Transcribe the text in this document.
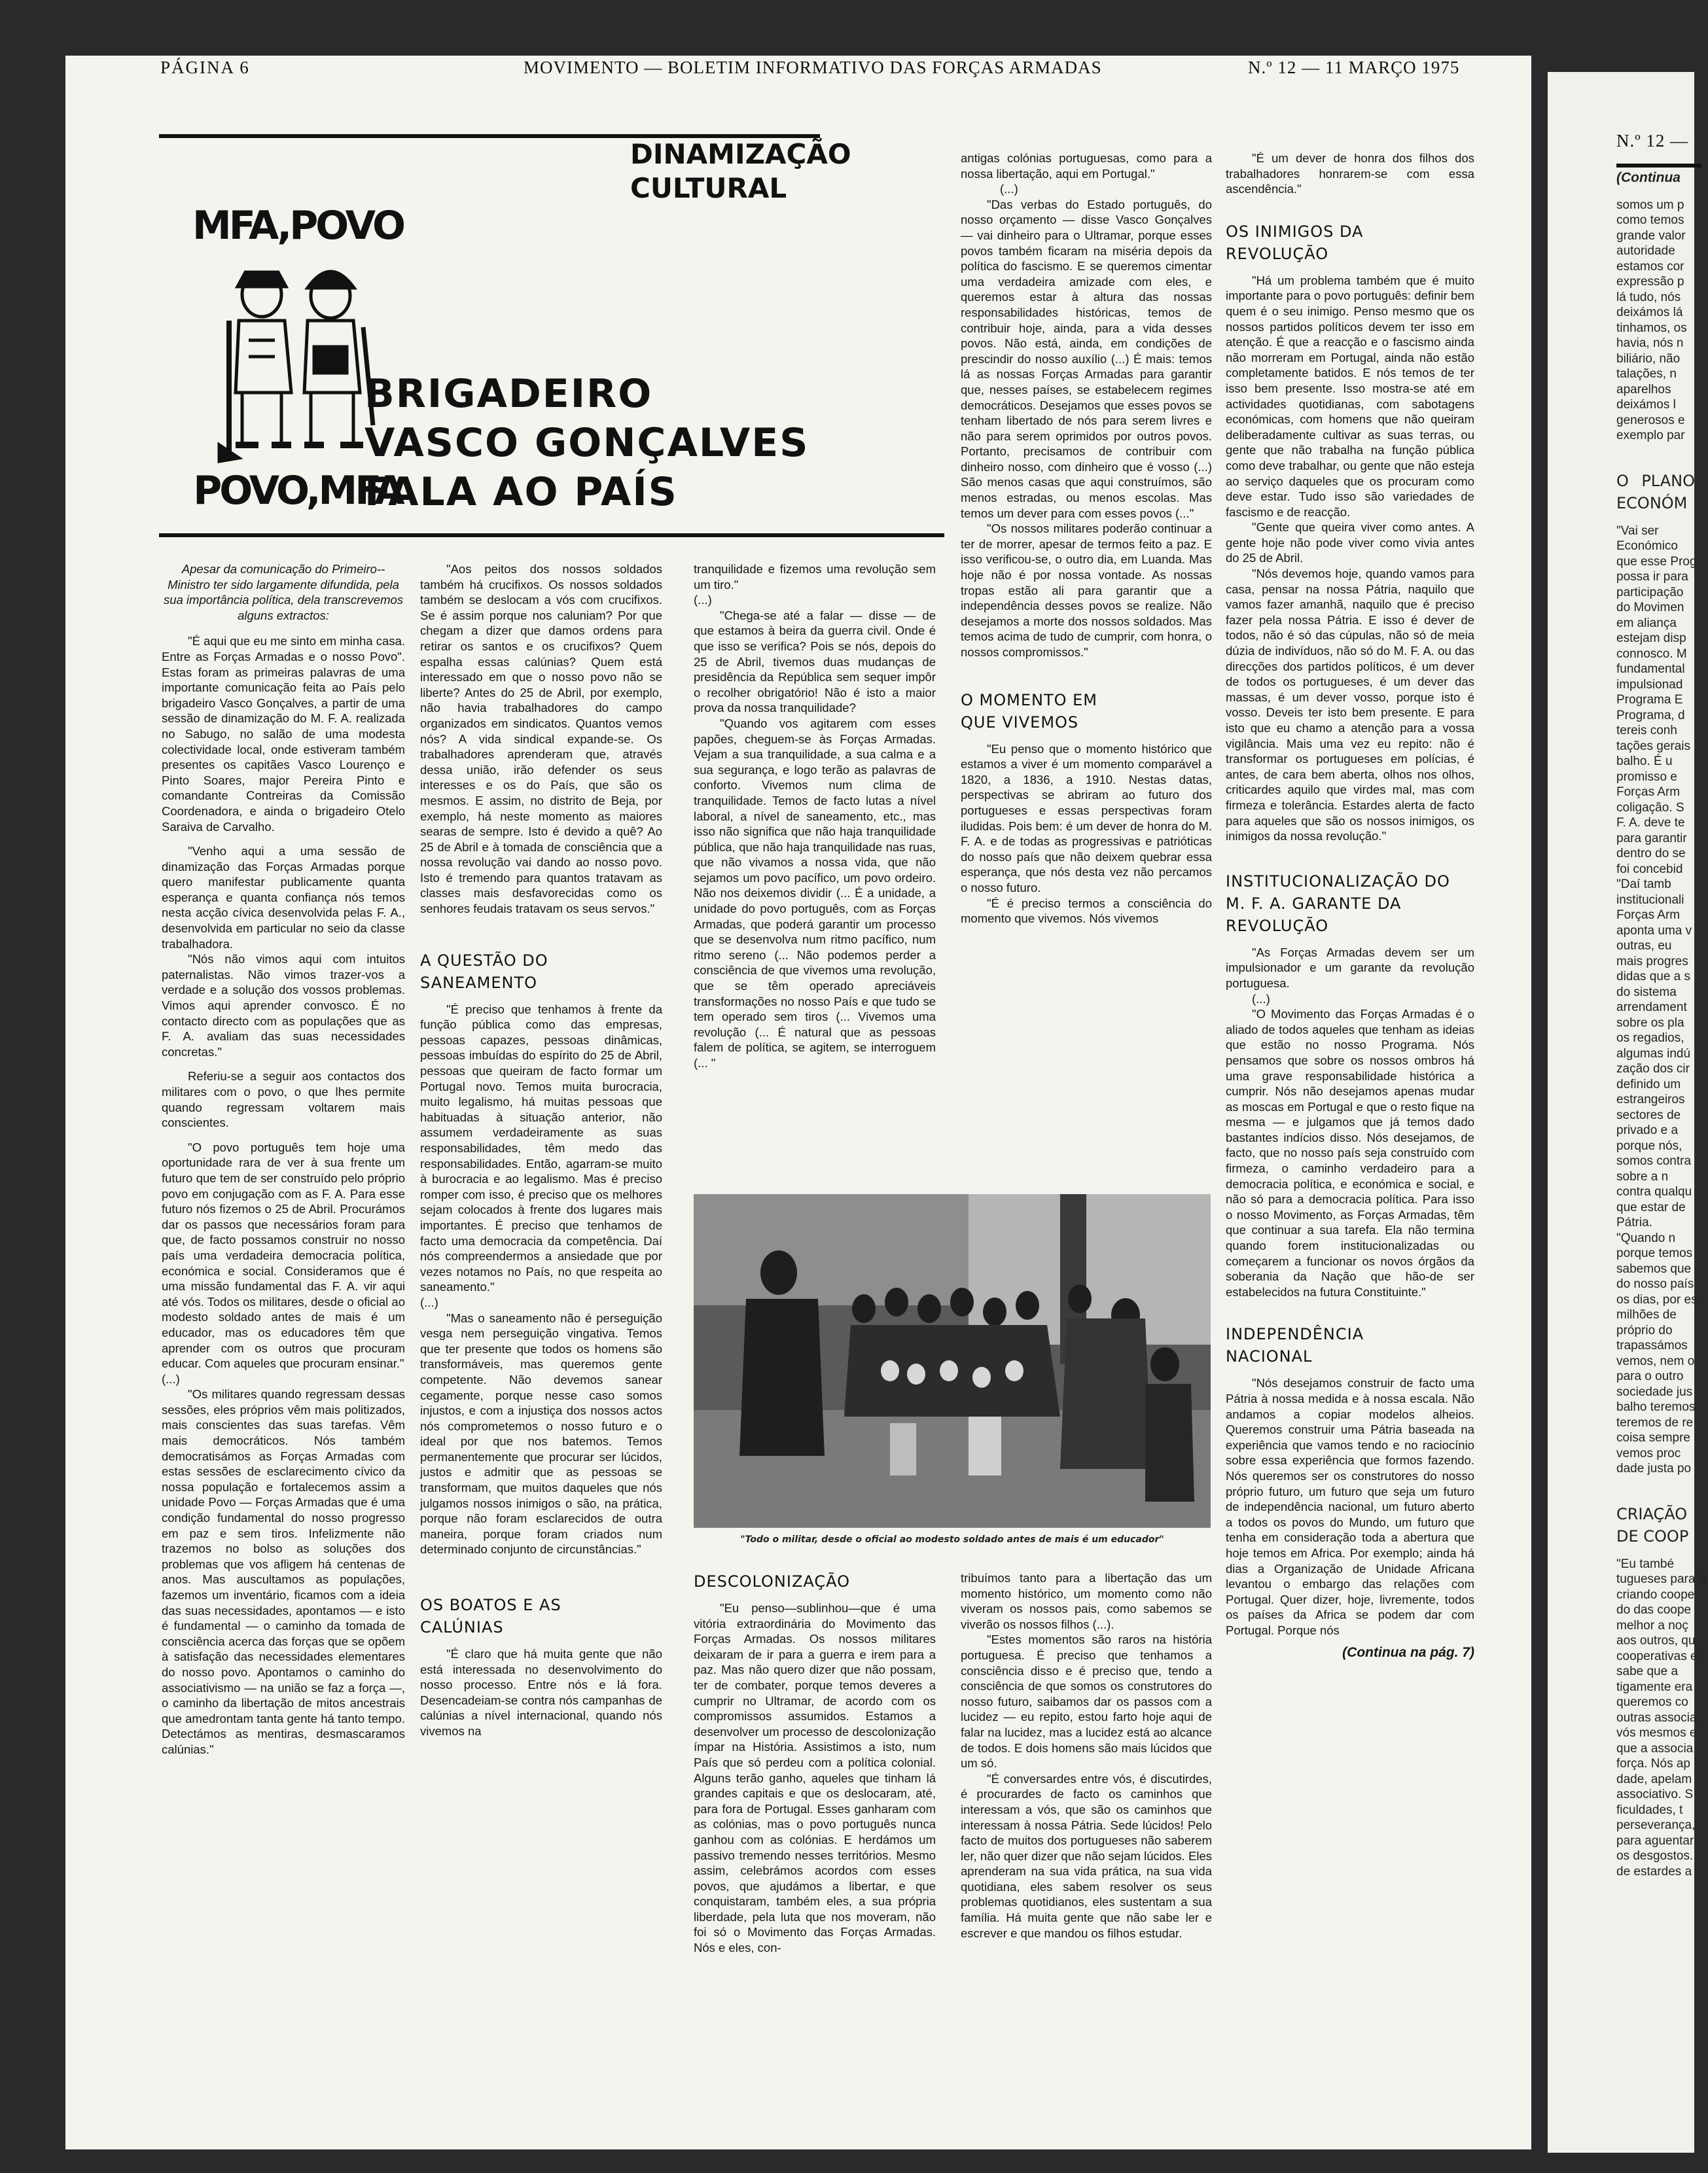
PÁGINA 6	MOVIMENTO — BOLETIM INFORMATIVO DAS FORÇAS ARMADAS	N.º 12 — 11 MARÇO 1975
MFA,POVO
POVO,MFA
DINAMIZAÇÃO CULTURAL
BRIGADEIRO
VASCO GONÇALVES
FALA AO PAÍS

Apesar da comunicação do Primeiro--Ministro ter sido largamente difundida, pela sua importância política, dela transcrevemos alguns extractos:

"É aqui que eu me sinto em minha casa. Entre as Forças Armadas e o nosso Povo". Estas foram as primeiras palavras de uma importante comunicação feita ao País pelo brigadeiro Vasco Gonçalves, a partir de uma sessão de dinamização do M. F. A. realizada no Sabugo, no salão de uma modesta colectividade local, onde estiveram também presentes os capitães Vasco Lourenço e Pinto Soares, major Pereira Pinto e comandante Contreiras da Comissão Coordenadora, e ainda o brigadeiro Otelo Saraiva de Carvalho.

"Venho aqui a uma sessão de dinamização das Forças Armadas porque quero manifestar publicamente quanta esperança e quanta confiança nós temos nesta acção cívica desenvolvida pelas F. A., desenvolvida em particular no seio da classe trabalhadora.

"Nós não vimos aqui com intuitos paternalistas. Não vimos trazer-vos a verdade e a solução dos vossos problemas. Vimos aqui aprender convosco. É no contacto directo com as populações que as F. A. avaliam das suas necessidades concretas."

Referiu-se a seguir aos contactos dos militares com o povo, o que lhes permite quando regressam voltarem mais conscientes.

"O povo português tem hoje uma oportunidade rara de ver à sua frente um futuro que tem de ser construído pelo próprio povo em conjugação com as F. A. Para esse futuro nós fizemos o 25 de Abril. Procurámos dar os passos que necessários foram para que, de facto possamos construir no nosso país uma verdadeira democracia política, económica e social. Consideramos que é uma missão fundamental das F. A. vir aqui até vós. Todos os militares, desde o oficial ao modesto soldado antes de mais é um educador, mas os educadores têm que aprender com os outros que procuram educar. Com aqueles que procuram ensinar."

(...)

"Os militares quando regressam dessas sessões, eles próprios vêm mais politizados, mais conscientes das suas tarefas. Vêm mais democráticos. Nós também democratisámos as Forças Armadas com estas sessões de esclarecimento cívico da nossa população e fortalecemos assim a unidade Povo — Forças Armadas que é uma condição fundamental do nosso progresso em paz e sem tiros. Infelizmente não trazemos no bolso as soluções dos problemas que vos afligem há centenas de anos. Mas auscultamos as populações, fazemos um inventário, ficamos com a ideia das suas necessidades, apontamos — e isto é fundamental — o caminho da tomada de consciência acerca das forças que se opõem à satisfação das necessidades elementares do nosso povo. Apontamos o caminho do associativismo — na união se faz a força —, o caminho da libertação de mitos ancestrais que amedrontam tanta gente há tanto tempo. Detectámos as mentiras, desmascaramos calúnias."

"Aos peitos dos nossos soldados também há crucifixos. Os nossos soldados também se deslocam a vós com crucifixos. Se é assim porque nos caluniam? Por que chegam a dizer que damos ordens para retirar os santos e os crucifixos? Quem espalha essas calúnias? Quem está interessado em que o nosso povo não se liberte? Antes do 25 de Abril, por exemplo, não havia trabalhadores do campo organizados em sindicatos. Quantos vemos nós? A vida sindical expande-se. Os trabalhadores aprenderam que, através dessa união, irão defender os seus interesses e os do País, que são os mesmos. E assim, no distrito de Beja, por exemplo, há neste momento as maiores searas de sempre. Isto é devido a quê? Ao 25 de Abril e à tomada de consciência que a nossa revolução vai dando ao nosso povo. Isto é tremendo para quantos tratavam as classes mais desfavorecidas como os senhores feudais tratavam os seus servos."

A QUESTÃO DO SANEAMENTO

"É preciso que tenhamos à frente da função pública como das empresas, pessoas capazes, pessoas dinâmicas, pessoas imbuídas do espírito do 25 de Abril, pessoas que queiram de facto formar um Portugal novo. Temos muita burocracia, muito legalismo, há muitas pessoas que habituadas à situação anterior, não assumem verdadeiramente as suas responsabilidades, têm medo das responsabilidades. Então, agarram-se muito à burocracia e ao legalismo. Mas é preciso romper com isso, é preciso que os melhores sejam colocados à frente dos lugares mais importantes. É preciso que tenhamos de facto uma democracia da competência. Daí nós compreendermos a ansiedade que por vezes notamos no País, no que respeita ao saneamento."

(...)

"Mas o saneamento não é perseguição vesga nem perseguição vingativa. Temos que ter presente que todos os homens são transformáveis, mas queremos gente competente. Não devemos sanear cegamente, porque nesse caso somos injustos, e com a injustiça dos nossos actos nós comprometemos o nosso futuro e o ideal por que nos batemos. Temos permanentemente que procurar ser lúcidos, justos e admitir que as pessoas se transformam, que muitos daqueles que nós julgamos nossos inimigos o são, na prática, porque não foram esclarecidos de outra maneira, porque foram criados num determinado conjunto de circunstâncias."

OS BOATOS E AS CALÚNIAS

"É claro que há muita gente que não está interessada no desenvolvimento do nosso processo. Entre nós e lá fora. Desencadeiam-se contra nós campanhas de calúnias a nível internacional, quando nós vivemos na

tranquilidade e fizemos uma revolução sem um tiro."

(...)

"Chega-se até a falar — disse — de que estamos à beira da guerra civil. Onde é que isso se verifica? Pois se nós, depois do 25 de Abril, tivemos duas mudanças de presidência da República sem sequer impôr o recolher obrigatório! Não é isto a maior prova da nossa tranquilidade?

"Quando vos agitarem com esses papões, cheguem-se às Forças Armadas. Vejam a sua tranquilidade, a sua calma e a sua segurança, e logo terão as palavras de conforto. Vivemos num clima de tranquilidade. Temos de facto lutas a nível laboral, a nível de saneamento, etc., mas isso não significa que não haja tranquilidade pública, que não haja tranquilidade nas ruas, que não vivamos a nossa vida, que não sejamos um povo pacífico, um povo ordeiro. Não nos deixemos dividir (... É a unidade, a unidade do povo português, com as Forças Armadas, que poderá garantir um processo que se desenvolva num ritmo pacífico, num ritmo sereno (... Não podemos perder a consciência de que vivemos uma revolução, que se têm operado apreciáveis transformações no nosso País e que tudo se tem operado sem tiros (... Vivemos uma revolução (... É natural que as pessoas falem de política, se agitem, se interroguem (... "

antigas colónias portuguesas, como para a nossa libertação, aqui em Portugal."

(...)

"Das verbas do Estado português, do nosso orçamento — disse Vasco Gonçalves — vai dinheiro para o Ultramar, porque esses povos também ficaram na miséria depois da política do fascismo. E se queremos cimentar uma verdadeira amizade com eles, e queremos estar à altura das nossas responsabilidades históricas, temos de contribuir hoje, ainda, para a vida desses povos. Não está, ainda, em condições de prescindir do nosso auxílio (...) É mais: temos lá as nossas Forças Armadas para garantir que, nesses países, se estabelecem regimes democráticos. Desejamos que esses povos se tenham libertado de nós para serem livres e não para serem oprimidos por outros povos. Portanto, precisamos de contribuir com dinheiro nosso, com dinheiro que é vosso (...) São menos casas que aqui construímos, são menos estradas, ou menos escolas. Mas temos um dever para com esses povos (..."

"Os nossos militares poderão continuar a ter de morrer, apesar de termos feito a paz. E isso verificou-se, o outro dia, em Luanda. Mas hoje não é por nossa vontade. As nossas tropas estão ali para garantir que a independência desses povos se realize. Não desejamos a morte dos nossos soldados. Mas temos acima de tudo de cumprir, com honra, o nossos compromissos."

O MOMENTO EM QUE VIVEMOS

"Eu penso que o momento histórico que estamos a viver é um momento comparável a 1820, a 1836, a 1910. Nestas datas, perspectivas se abriram ao futuro dos portugueses e essas perspectivas foram iludidas. Pois bem: é um dever de honra do M. F. A. e de todas as progressivas e patrióticas do nosso país que não deixem quebrar essa esperança, que nós desta vez não percamos o nosso futuro.

"É é preciso termos a consciência do momento que vivemos. Nós vivemos

"Todo o militar, desde o oficial ao modesto soldado antes de mais é um educador"
DESCOLONIZAÇÃO

"Eu penso—sublinhou—que é uma vitória extraordinária do Movimento das Forças Armadas. Os nossos militares deixaram de ir para a guerra e irem para a paz. Mas não quero dizer que não possam, ter de combater, porque temos deveres a cumprir no Ultramar, de acordo com os compromissos assumidos. Estamos a desenvolver um processo de descolonização ímpar na História. Assistimos a isto, num País que só perdeu com a política colonial. Alguns terão ganho, aqueles que tinham lá grandes capitais e que os deslocaram, até, para fora de Portugal. Esses ganharam com as colónias, mas o povo português nunca ganhou com as colónias. E herdámos um passivo tremendo nesses territórios. Mesmo assim, celebrámos acordos com esses povos, que ajudámos a libertar, e que conquistaram, também eles, a sua própria liberdade, pela luta que nos moveram, não foi só o Movimento das Forças Armadas. Nós e eles, con-

tribuímos tanto para a libertação das um momento histórico, um momento como não viveram os nossos pais, como sabemos se viverão os nossos filhos (...).

"Estes momentos são raros na história portuguesa. É preciso que tenhamos a consciência disso e é preciso que, tendo a consciência de que somos os construtores do nosso futuro, saibamos dar os passos com a lucidez — eu repito, estou farto hoje aqui de falar na lucidez, mas a lucidez está ao alcance de todos. E dois homens são mais lúcidos que um só.

"É conversardes entre vós, é discutirdes, é procurardes de facto os caminhos que interessam a vós, que são os caminhos que interessam à nossa Pátria. Sede lúcidos! Pelo facto de muitos dos portugueses não saberem ler, não quer dizer que não sejam lúcidos. Eles aprenderam na sua vida prática, na sua vida quotidiana, eles sabem resolver os seus problemas quotidianos, eles sustentam a sua família. Há muita gente que não sabe ler e escrever e que mandou os filhos estudar.

"É um dever de honra dos filhos dos trabalhadores honrarem-se com essa ascendência."

OS INIMIGOS DA REVOLUÇÃO

"Há um problema também que é muito importante para o povo português: definir bem quem é o seu inimigo. Penso mesmo que os nossos partidos políticos devem ter isso em atenção. É que a reacção e o fascismo ainda não morreram em Portugal, ainda não estão completamente batidos. E nós temos de ter isso bem presente. Isso mostra-se até em actividades quotidianas, com sabotagens económicas, com homens que não queiram deliberadamente cultivar as suas terras, ou gente que não trabalha na função pública como deve trabalhar, ou gente que não esteja ao serviço daqueles que os procuram como deve estar. Tudo isso são variedades de fascismo e de reacção.

"Gente que queira viver como antes. A gente hoje não pode viver como vivia antes do 25 de Abril.

"Nós devemos hoje, quando vamos para casa, pensar na nossa Pátria, naquilo que vamos fazer amanhã, naquilo que é preciso fazer pela nossa Pátria. E isso é dever de todos, não é só das cúpulas, não só de meia dúzia de indivíduos, não só do M. F. A. ou das direcções dos partidos políticos, é um dever de todos os portugueses, é um dever das massas, é um dever vosso, porque isto é vosso. Deveis ter isto bem presente. E para isto que eu chamo a atenção para a vossa vigilância. Mais uma vez eu repito: não é transformar os portugueses em polícias, é antes, de cara bem aberta, olhos nos olhos, criticardes aquilo que virdes mal, mas com firmeza e tolerância. Estardes alerta de facto para aqueles que são os nossos inimigos, os inimigos da nossa revolução."

INSTITUCIONALIZAÇÃO DO M. F. A. GARANTE DA REVOLUÇÃO

"As Forças Armadas devem ser um impulsionador e um garante da revolução portuguesa.

(...)

"O Movimento das Forças Armadas é o aliado de todos aqueles que tenham as ideias que estão no nosso Programa. Nós pensamos que sobre os nossos ombros há uma grave responsabilidade histórica a cumprir. Nós não desejamos apenas mudar as moscas em Portugal e que o resto fique na mesma — e julgamos que já temos dado bastantes indícios disso. Nós desejamos, de facto, que no nosso país seja construído com firmeza, o caminho verdadeiro para a democracia política, e económica e social, e não só para a democracia política. Para isso o nosso Movimento, as Forças Armadas, têm que continuar a sua tarefa. Ela não termina quando forem institucionalizadas ou começarem a funcionar os novos órgãos da soberania da Nação que hão-de ser estabelecidos na futura Constituinte."

INDEPENDÊNCIA NACIONAL

"Nós desejamos construir de facto uma Pátria à nossa medida e à nossa escala. Não andamos a copiar modelos alheios. Queremos construir uma Pátria baseada na experiência que vamos tendo e no raciocínio sobre essa experiência que formos fazendo. Nós queremos ser os construtores do nosso próprio futuro, um futuro que seja um futuro de independência nacional, um futuro aberto a todos os povos do Mundo, um futuro que tenha em consideração toda a abertura que hoje temos em Africa. Por exemplo; ainda há dias a Organização de Unidade Africana levantou o embargo das relações com Portugal. Quer dizer, hoje, livremente, todos os países da Africa se podem dar com Portugal. Porque nós

(Continua na pág. 7)

N.º 12 —
(Continua
somos um p
como temos
grande valor
autoridade
estamos cor
expressão p
lá tudo, nós
deixámos lá
tinhamos, os
havia, nós n
biliário, não
talações, n
aparelhos
deixámos l
generosos e
exemplo par
O PLANO ECONÓM
"Vai ser
Económico
que esse Prog
possa ir para
participação
do Movimen
em aliança
estejam disp
connosco. M
fundamental
impulsionad
Programa E
Programa, d
tereis conh
tações gerais
balho. É u
promisso e
Forças Arm
coligação. S
F. A. deve te
para garantir
dentro do se
foi concebid
"Daí tamb
institucionali
Forças Arm
aponta uma v
outras, eu
mais progres
didas que a s
do sistema
arrendament
sobre os pla
os regadios,
algumas indú
zação dos cir
definido um
estrangeiros
sectores de
privado e a
porque nós,
somos contra
sobre a n
contra qualqu
que estar de
Pátria.
"Quando n
porque temos
sabemos que
do nosso país
os dias, por es
milhões de
próprio do
trapassámos
vemos, nem o
para o outro
sociedade jus
balho teremos
teremos de re
coisa sempre
vemos proc
dade justa po
CRIAÇÃO DE COOP
"Eu també
tugueses para o
criando coope
do das coope
melhor a noç
aos outros, qu
cooperativas e
sabe que a
tigamente era
queremos co
outras associa
vós mesmos e
que a associa
força. Nós ap
dade, apelam
associativo. S
ficuldades, t
perseverança,
para aguentar
os desgostos.
de estardes a
